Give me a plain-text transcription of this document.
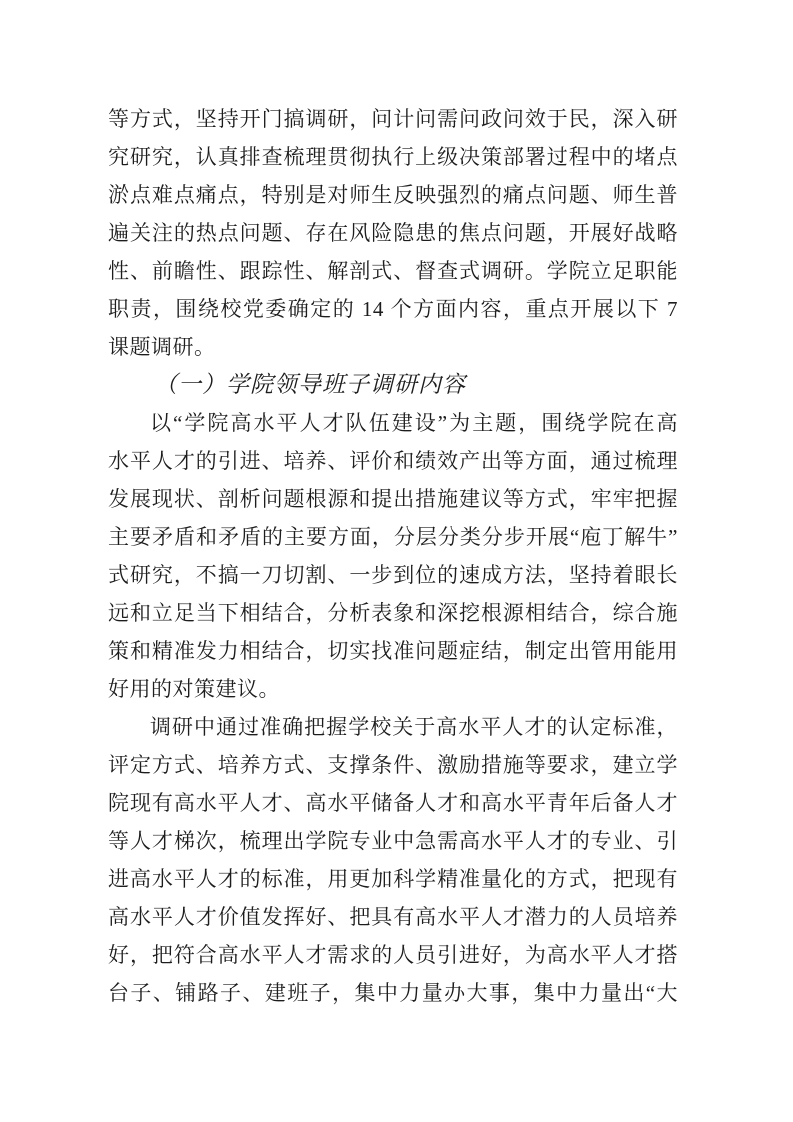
等方式，坚持开门搞调研，问计问需问政问效于民，深入研
究研究，认真排查梳理贯彻执行上级决策部署过程中的堵点
淤点难点痛点，特别是对师生反映强烈的痛点问题、师生普
遍关注的热点问题、存在风险隐患的焦点问题，开展好战略
性、前瞻性、跟踪性、解剖式、督查式调研。学院立足职能
职责，围绕校党委确定的 14 个方面内容，重点开展以下 7
课题调研。
（一）学院领导班子调研内容
以“学院高水平人才队伍建设”为主题，围绕学院在高
水平人才的引进、培养、评价和绩效产出等方面，通过梳理
发展现状、剖析问题根源和提出措施建议等方式，牢牢把握
主要矛盾和矛盾的主要方面，分层分类分步开展“庖丁解牛”
式研究，不搞一刀切割、一步到位的速成方法，坚持着眼长
远和立足当下相结合，分析表象和深挖根源相结合，综合施
策和精准发力相结合，切实找准问题症结，制定出管用能用
好用的对策建议。
调研中通过准确把握学校关于高水平人才的认定标准，
评定方式、培养方式、支撑条件、激励措施等要求，建立学
院现有高水平人才、高水平储备人才和高水平青年后备人才
等人才梯次，梳理出学院专业中急需高水平人才的专业、引
进高水平人才的标准，用更加科学精准量化的方式，把现有
高水平人才价值发挥好、把具有高水平人才潜力的人员培养
好，把符合高水平人才需求的人员引进好，为高水平人才搭
台子、铺路子、建班子，集中力量办大事，集中力量出“大
